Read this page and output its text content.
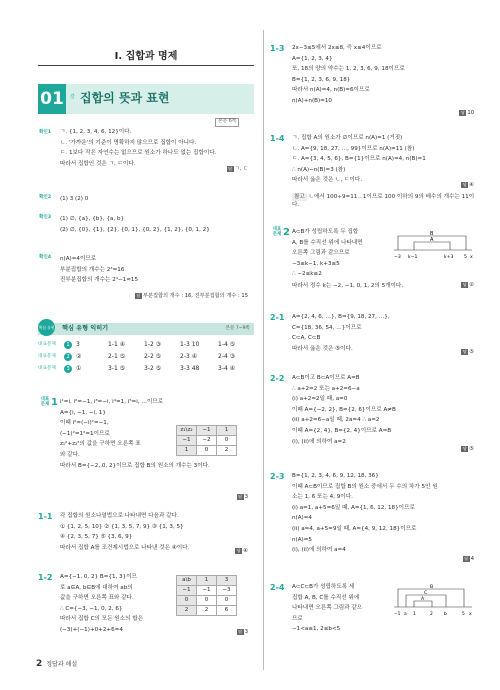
I. 집합과 명제
01	강 집합의 뜻과 표현
본문 6쪽
확인1 ㄱ. {1, 2, 3, 4, 6, 12}이다.

ㄴ. '가까운'의 기준이 명확하지 않으므로 집합이 아니다.

ㄷ. 1보다 작은 자연수는 없으므로 원소가 하나도 없는 집합이다.

따라서 집합인 것은 ㄱ, ㄷ이다.

답 ㄱ, ㄷ
확인2 (1) 3 (2) 0

확인3 (1) ∅, {a}, {b}, {a, b}

(2) ∅, {0}, {1}, {2}, {0, 1}, {0, 2}, {1, 2}, {0, 1, 2}

확인4 n(A)=4이므로

부분집합의 개수는 2⁴=16

진부분집합의 개수는 2⁴−1=15

답 부분집합의 개수 : 16, 진부분집합의 개수 : 15
핵심 유형 핵심 유형 익히기	본문 7~9쪽
대표문제	1	3	1-1 ④	1-2 ③	1-3 10	1-4 ⑤
대표문제	2	②	2-1 ⑤	2-2 ⑤	2-3 ④	2-4 ③
대표문제	3	①	3-1 ⑤	3-2 ⑤	3-3 48	3-4 ④
대표
문제 1 i¹=i, i²=−1, i³=−i, i⁴=1, i⁵=i, …이므로

A={i, −1, −i, 1}

이때 i²=(−i)²=−1,

(−1)²=1²=1이므로

z₁²+z₂²의 값을 구하면 오른쪽 표

와 같다.

따라서 B={−2, 0, 2}이므로 집합 B의 원소의 개수는 3이다.

답 3
z₁\z₂	−1	1
−1	−2	0
1	0	2
1-1 각 집합의 원소나열법으로 나타내면 다음과 같다.

① {1, 2, 5, 10} ② {1, 3, 5, 7, 9} ③ {1, 3, 5}

④ {2, 3, 5, 7} ⑤ {3, 6, 9}

따라서 집합 A를 조건제시법으로 나타낸 것은 ④이다.	답 ④
1-2 A={−1, 0, 2} B={1, 3}이므

로 a∈A, b∈B에 대하여 ab의

값을 구하면 오른쪽 표와 같다.

∴ C={−3, −1, 0, 2, 6}

따라서 집합 C의 모든 원소의 합은

(−3)+(−1)+0+2+6=4	답 3
a\b	1	3
−1	−1	−3
0	0	0
2	2	6
1-3 2x−3≤5에서 2x≤8, 즉 x≤4이므로

A={1, 2, 3, 4}

또, 18의 양의 약수는 1, 2, 3, 6, 9, 18이므로

B={1, 2, 3, 6, 9, 18}

따라서 n(A)=4, n(B)=6이므로

n(A)+n(B)=10

답 10
1-4 ㄱ. 집합 A의 원소가 ∅이므로 n(A)=1 (거짓)

ㄴ. A={9, 18, 27, …, 99}이므로 n(A)=11 (참)

ㄷ. A={3, 4, 5, 6}, B={1}이므로 n(A)=4, n(B)=1

∴ n(A)−n(B)=3 (참)

따라서 옳은 것은 ㄴ, ㄷ이다.

답 ④

참고 ㄴ에서 100÷9=11…1이므로 100 이하의 9의 배수의 개수는 11이다.

대표
문제 2 A⊂B가 성립하도록 두 집합

A, B를 수직선 위에 나타내면

오른쪽 그림과 같으므로

−3≤k−1, k+3≤5

∴ −2≤k≤2

따라서 정수 k는 −2, −1, 0, 1, 2의 5개이다.	답 ②
B
A
−3 k−1	k+3 5 x
2-1 A={2, 4, 6, …}, B={9, 18, 27, …},

C={18, 36, 54, …}이므로

C⊂A, C⊂B

따라서 옳은 것은 ⑤이다.	답 ⑤
2-2 A⊂B이고 B⊂A이므로 A=B

∴ a+2=2 또는 a+2=6−a

(i) a+2=2일 때, a=0

이때 A={−2, 2}, B={2, 6}이므로 A≠B

(ii) a+2=6−a일 때, 2a=4 ∴ a=2

이때 A={2, 4}, B={2, 4}이므로 A=B

(i), (ii)에 의하여 a=2

답 ⑤
2-3 B={1, 2, 3, 4, 6, 9, 12, 18, 36}

이때 A⊂B이므로 집합 B의 원소 중에서 두 수의 차가 5인 원

소는 1, 6 또는 4, 9이다.

(i) a=1, a+5=6일 때, A={1, 6, 12, 18}이므로

n(A)=4

(ii) a=4, a+5=9일 때, A={4, 9, 12, 18}이므로

n(A)=5

(i), (ii)에 의하여 a=4

답 4
2-4 A⊂C⊂B가 성립하도록 세

집합 A, B, C를 수직선 위에

나타내면 오른쪽 그림과 같으

므로

−1<a≤1, 2≤b<5

B
C
A
−1 a 1	2	b	5 x
2 정답과 해설
